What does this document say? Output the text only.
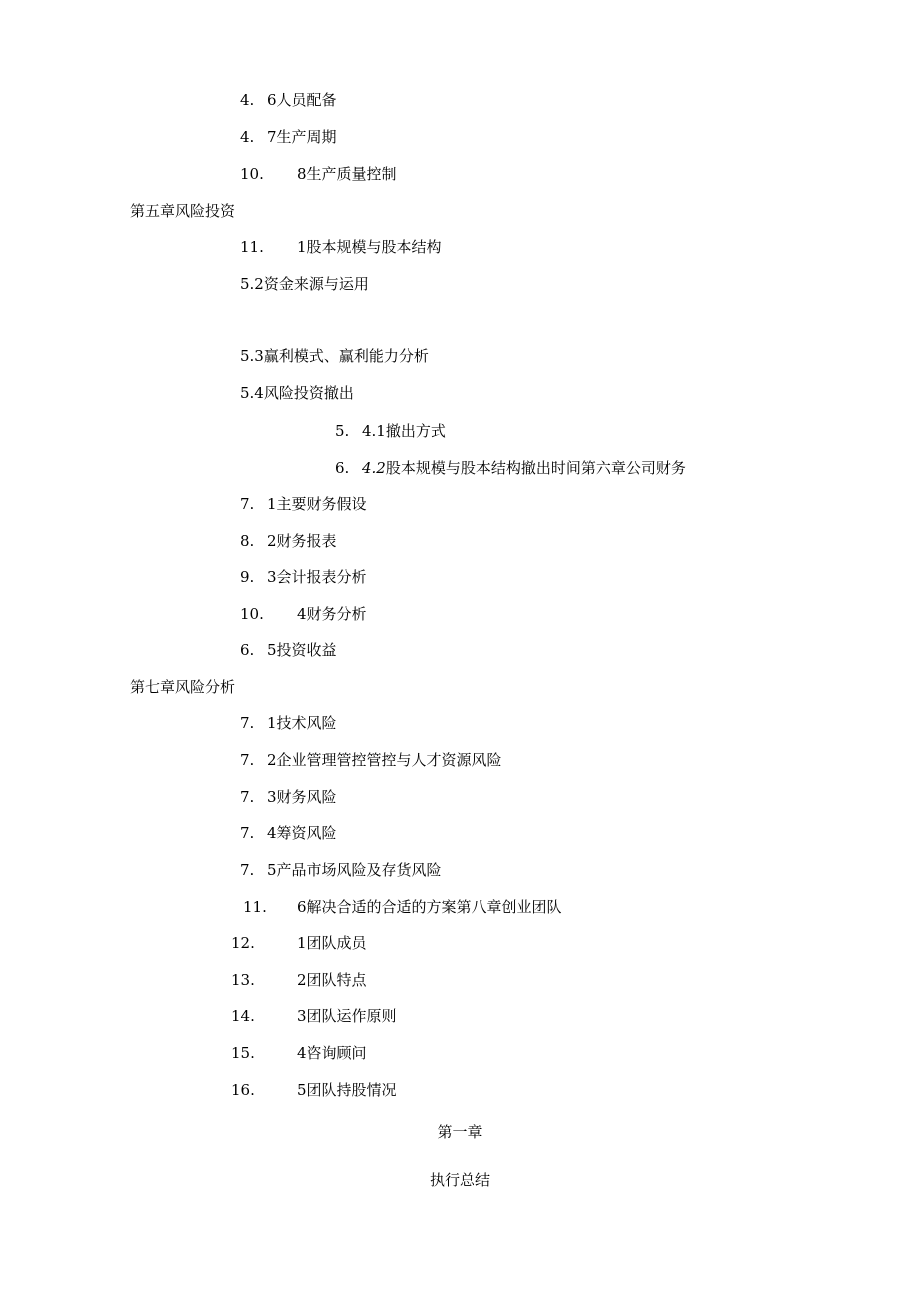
4. 6人员配备
4. 7生产周期
10. 8生产质量控制
第五章风险投资
11. 1股本规模与股本结构
5.2资金来源与运用
5.3赢利模式、赢利能力分析
5.4风险投资撤出
5. 4.1撤出方式
6. 4.2股本规模与股本结构撤出时间第六章公司财务
7. 1主要财务假设
8. 2财务报表
9. 3会计报表分析
10. 4财务分析
6. 5投资收益
第七章风险分析
7. 1技术风险
7. 2企业管理管控管控与人才资源风险
7. 3财务风险
7. 4筹资风险
7. 5产品市场风险及存货风险
11. 6解决合适的合适的方案第八章创业团队
12.	1团队成员
13.	2团队特点
14.	3团队运作原则
15.	4咨询顾问
16.	5团队持股情况
第一章
执行总结
